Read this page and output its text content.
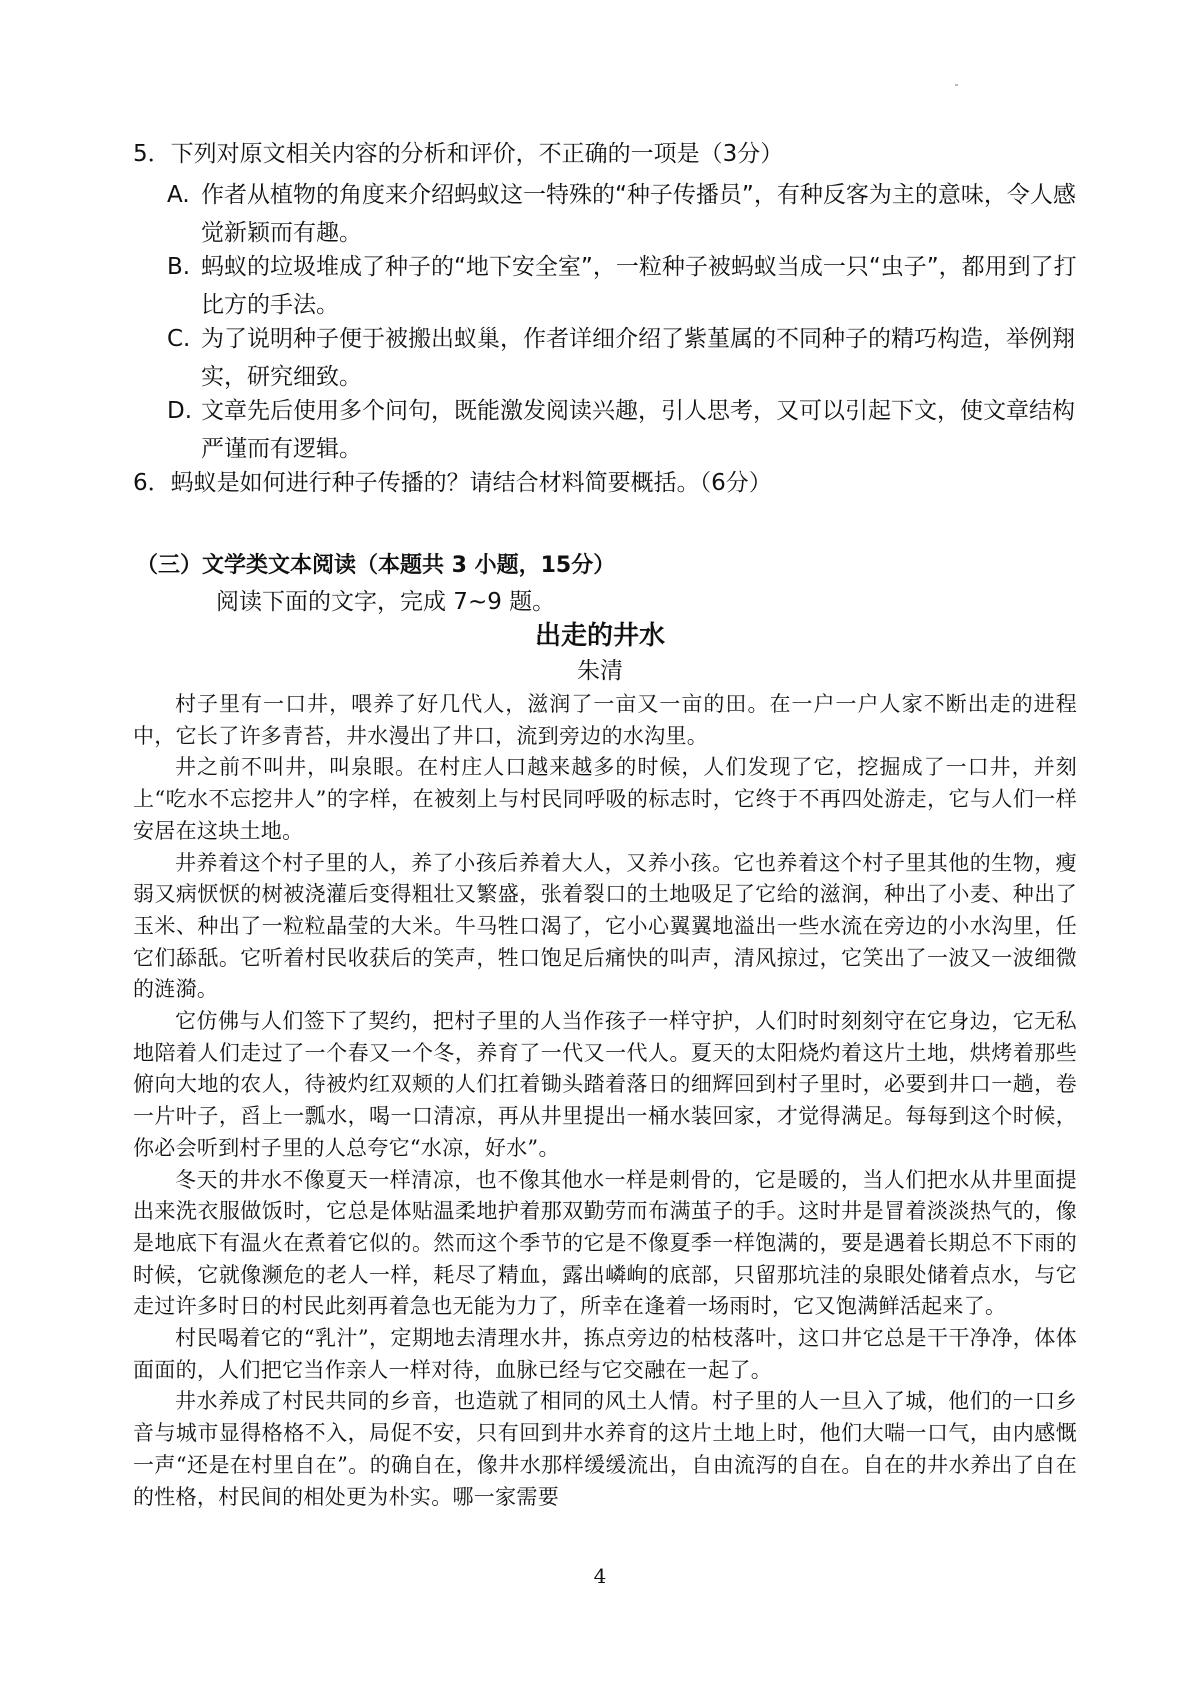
5．下列对原文相关内容的分析和评价，不正确的一项是（3分）
A. 作者从植物的角度来介绍蚂蚁这一特殊的“种子传播员”，有种反客为主的意味，令人感觉新颖而有趣。
B. 蚂蚁的垃圾堆成了种子的“地下安全室”，一粒种子被蚂蚁当成一只“虫子”，都用到了打比方的手法。
C. 为了说明种子便于被搬出蚁巢，作者详细介绍了紫堇属的不同种子的精巧构造，举例翔实，研究细致。
D. 文章先后使用多个问句，既能激发阅读兴趣，引人思考，又可以引起下文，使文章结构严谨而有逻辑。
6．蚂蚁是如何进行种子传播的？请结合材料简要概括。（6分）
（三）文学类文本阅读（本题共 3 小题，15分）
阅读下面的文字，完成 7~9 题。
出走的井水
朱清

村子里有一口井，喂养了好几代人，滋润了一亩又一亩的田。在一户一户人家不断出走的进程中，它长了许多青苔，井水漫出了井口，流到旁边的水沟里。

井之前不叫井，叫泉眼。在村庄人口越来越多的时候，人们发现了它，挖掘成了一口井，并刻上“吃水不忘挖井人”的字样，在被刻上与村民同呼吸的标志时，它终于不再四处游走，它与人们一样安居在这块土地。

井养着这个村子里的人，养了小孩后养着大人，又养小孩。它也养着这个村子里其他的生物，瘦弱又病恹恹的树被浇灌后变得粗壮又繁盛，张着裂口的土地吸足了它给的滋润，种出了小麦、种出了玉米、种出了一粒粒晶莹的大米。牛马牲口渴了，它小心翼翼地溢出一些水流在旁边的小水沟里，任它们舔舐。它听着村民收获后的笑声，牲口饱足后痛快的叫声，清风掠过，它笑出了一波又一波细微的涟漪。

它仿佛与人们签下了契约，把村子里的人当作孩子一样守护，人们时时刻刻守在它身边，它无私地陪着人们走过了一个春又一个冬，养育了一代又一代人。夏天的太阳烧灼着这片土地，烘烤着那些俯向大地的农人，待被灼红双颊的人们扛着锄头踏着落日的细辉回到村子里时，必要到井口一趟，卷一片叶子，舀上一瓢水，喝一口清凉，再从井里提出一桶水装回家，才觉得满足。每每到这个时候，你必会听到村子里的人总夸它“水凉，好水”。

冬天的井水不像夏天一样清凉，也不像其他水一样是刺骨的，它是暖的，当人们把水从井里面提出来洗衣服做饭时，它总是体贴温柔地护着那双勤劳而布满茧子的手。这时井是冒着淡淡热气的，像是地底下有温火在煮着它似的。然而这个季节的它是不像夏季一样饱满的，要是遇着长期总不下雨的时候，它就像濒危的老人一样，耗尽了精血，露出嶙峋的底部，只留那坑洼的泉眼处储着点水，与它走过许多时日的村民此刻再着急也无能为力了，所幸在逢着一场雨时，它又饱满鲜活起来了。

村民喝着它的“乳汁”，定期地去清理水井，拣点旁边的枯枝落叶，这口井它总是干干净净，体体面面的，人们把它当作亲人一样对待，血脉已经与它交融在一起了。

井水养成了村民共同的乡音，也造就了相同的风土人情。村子里的人一旦入了城，他们的一口乡音与城市显得格格不入，局促不安，只有回到井水养育的这片土地上时，他们大喘一口气，由内感慨一声“还是在村里自在”。的确自在，像井水那样缓缓流出，自由流泻的自在。自在的井水养出了自在的性格，村民间的相处更为朴实。哪一家需要

4
